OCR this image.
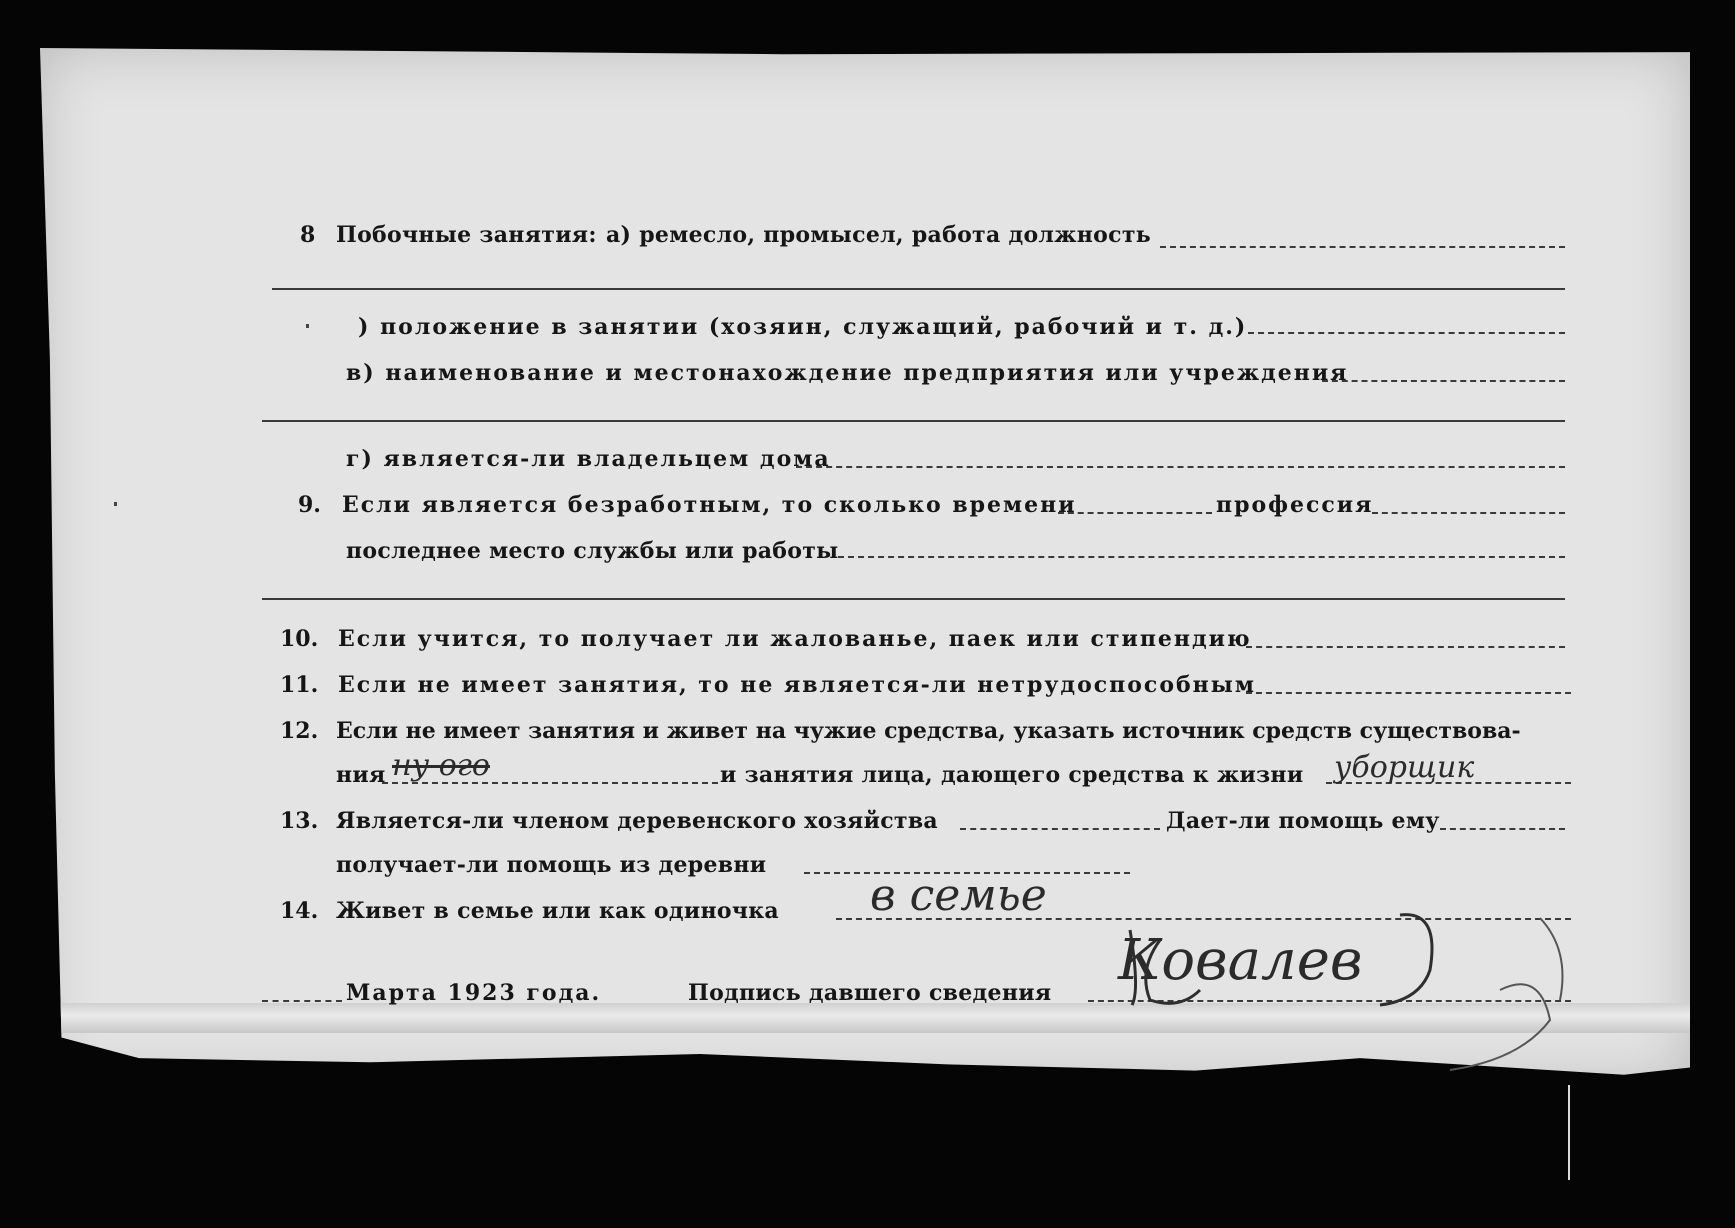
8 Побочные занятия: а) ремесло, промысел, работа должность
) положение в занятии (хозяин, служащий, рабочий и т. д.)
в) наименование и местонахождение предприятия или учреждения
г) является-ли владельцем дома
9. Если является безработным, то сколько времени	профессия
последнее место службы или работы
10. Если учится, то получает ли жалованье, паек или стипендию
11. Если не имеет занятия, то не является-ли нетрудоспособным
12. Если не имеет занятия и живет на чужие средства, указать источник средств существова-
ния ну ого	и занятия лица, дающего средства к жизни уборщик
13. Является-ли членом деревенского хозяйства	Дает-ли помощь ему
получает-ли помощь из деревни
14. Живет в семье или как одиночка в семье
Марта 1923 года.	Подпись давшего сведения Ковалев
